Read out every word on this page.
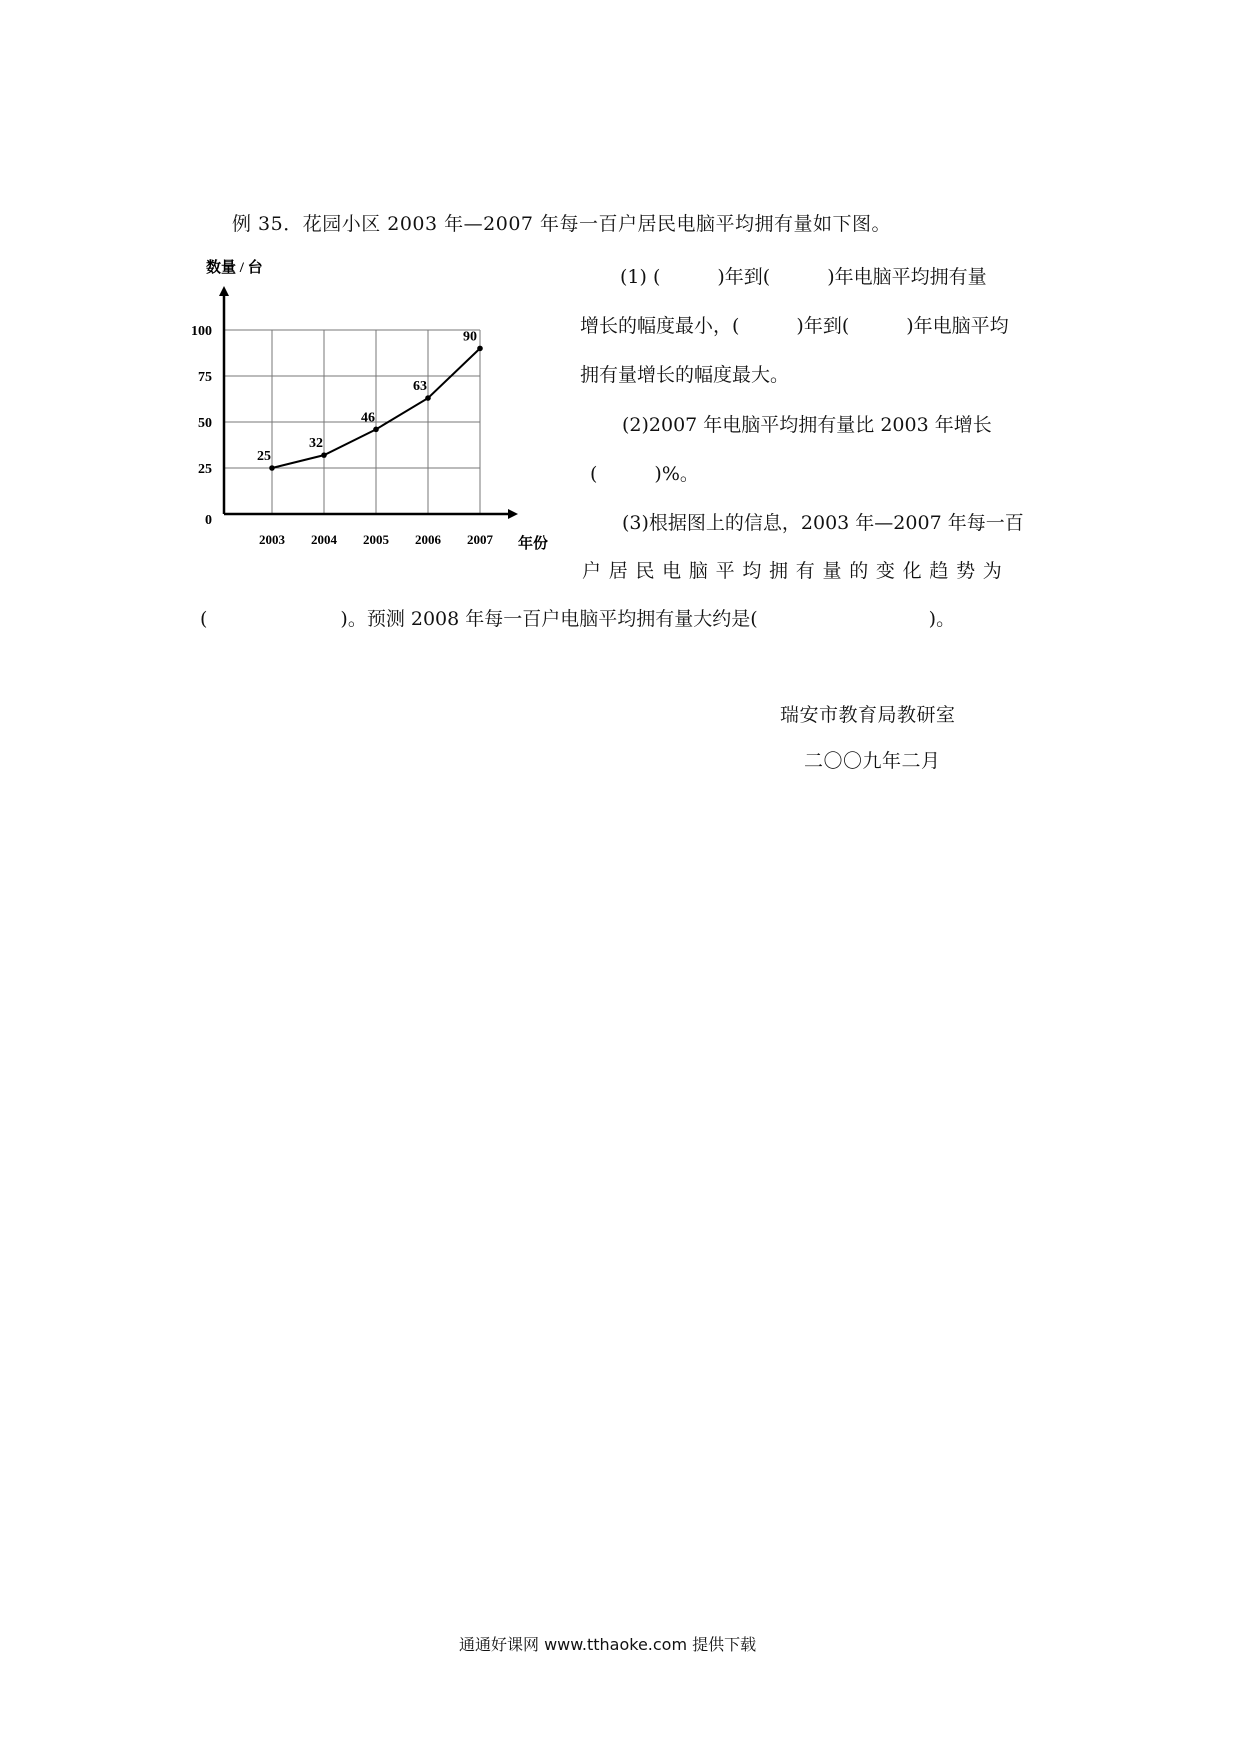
例 35．花园小区 2003 年—2007 年每一百户居民电脑平均拥有量如下图。
0
25
50
75
100
2003 2004 2005 2006 2007
25
32
46
63
90
数量 / 台
年份
(1) (　　　)年到(　　　)年电脑平均拥有量
增长的幅度最小，(　　　)年到(　　　)年电脑平均
拥有量增长的幅度最大。
(2)2007 年电脑平均拥有量比 2003 年增长
(　　　)%。
(3)根据图上的信息，2003 年—2007 年每一百
户 居 民 电 脑 平 均 拥 有 量 的 变 化 趋 势 为
(　　　　　　　)。预测 2008 年每一百户电脑平均拥有量大约是(　　　　　　　　　)。
瑞安市教育局教研室
二〇〇九年二月
通通好课网 www.tthaoke.com 提供下载
